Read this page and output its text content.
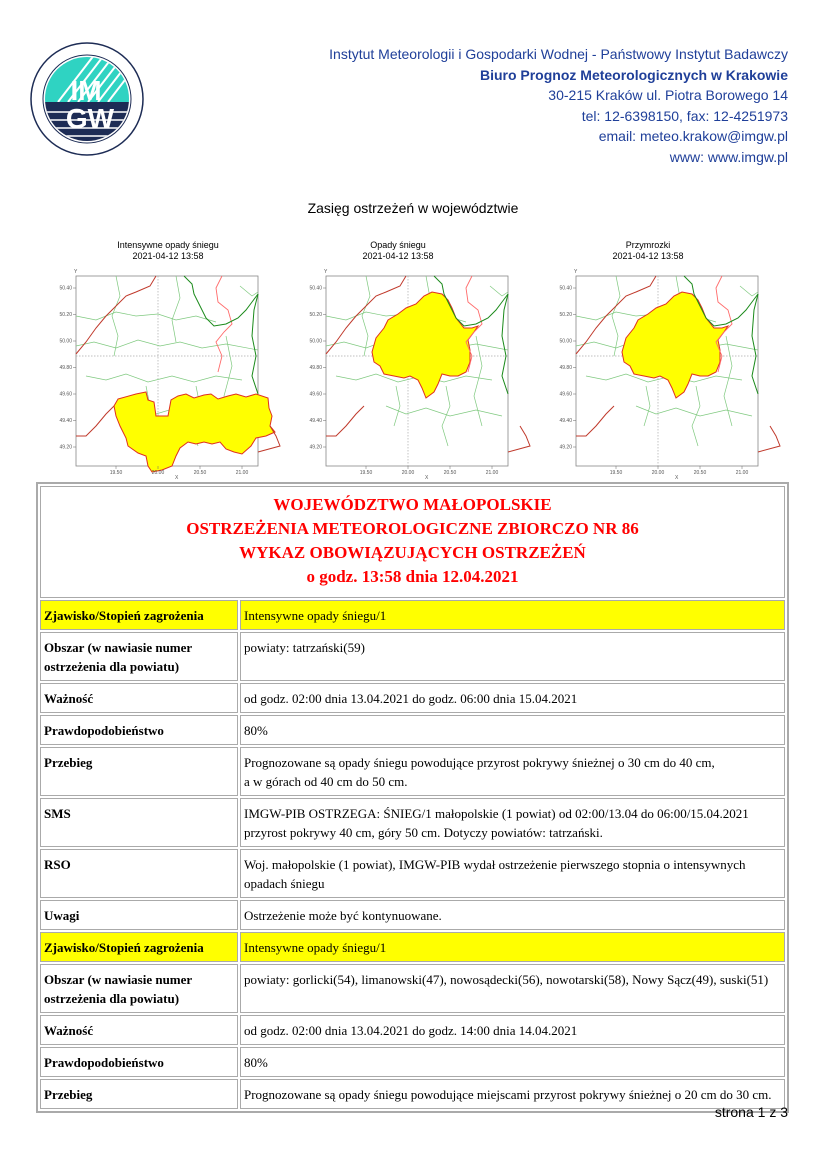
IM
GW
Instytut Meteorologii i Gospodarki Wodnej - Państwowy Instytut Badawczy
Biuro Prognoz Meteorologicznych w Krakowie
30-215 Kraków ul. Piotra Borowego 14
tel: 12-6398150, fax: 12-4251973
email: meteo.krakow@imgw.pl
www: www.imgw.pl
Zasięg ostrzeżeń w województwie
Intensywne opady śniegu
2021-04-12 13:58
50.40
50.20
50.00
49.80
49.60
49.40
49.20
19.50	20.00	20.50	21.00
Y
X
Opady śniegu
2021-04-12 13:58
50.40
50.20
50.00
49.80
49.60
49.40
49.20
19.50	20.00	20.50	21.00
Y
X
Przymrozki
2021-04-12 13:58
50.40
50.20
50.00
49.80
49.60
49.40
49.20
19.50	20.00	20.50	21.00
Y
X
WOJEWÓDZTWO MAŁOPOLSKIE
OSTRZEŻENIA METEOROLOGICZNE ZBIORCZO NR 86
WYKAZ OBOWIĄZUJĄCYCH OSTRZEŻEŃ
o godz. 13:58 dnia 12.04.2021	

Zjawisko/Stopień zagrożenia	Intensywne opady śniegu/1
Obszar (w nawiasie numer ostrzeżenia dla powiatu)	powiaty: tatrzański(59)
Ważność	od godz. 02:00 dnia 13.04.2021 do godz. 06:00 dnia 15.04.2021
Prawdopodobieństwo	80%
Przebieg	Prognozowane są opady śniegu powodujące przyrost pokrywy śnieżnej o 30 cm do 40 cm,
a w górach od 40 cm do 50 cm.
SMS	IMGW-PIB OSTRZEGA: ŚNIEG/1 małopolskie (1 powiat) od 02:00/13.04 do 06:00/15.04.2021 przyrost pokrywy 40 cm, góry 50 cm. Dotyczy powiatów: tatrzański.
RSO	Woj. małopolskie (1 powiat), IMGW-PIB wydał ostrzeżenie pierwszego stopnia o intensywnych opadach śniegu
Uwagi	Ostrzeżenie może być kontynuowane.
Zjawisko/Stopień zagrożenia	Intensywne opady śniegu/1
Obszar (w nawiasie numer ostrzeżenia dla powiatu)	powiaty: gorlicki(54), limanowski(47), nowosądecki(56), nowotarski(58), Nowy Sącz(49), suski(51)
Ważność	od godz. 02:00 dnia 13.04.2021 do godz. 14:00 dnia 14.04.2021
Prawdopodobieństwo	80%
Przebieg	Prognozowane są opady śniegu powodujące miejscami przyrost pokrywy śnieżnej o 20 cm do 30 cm.
strona 1 z 3
